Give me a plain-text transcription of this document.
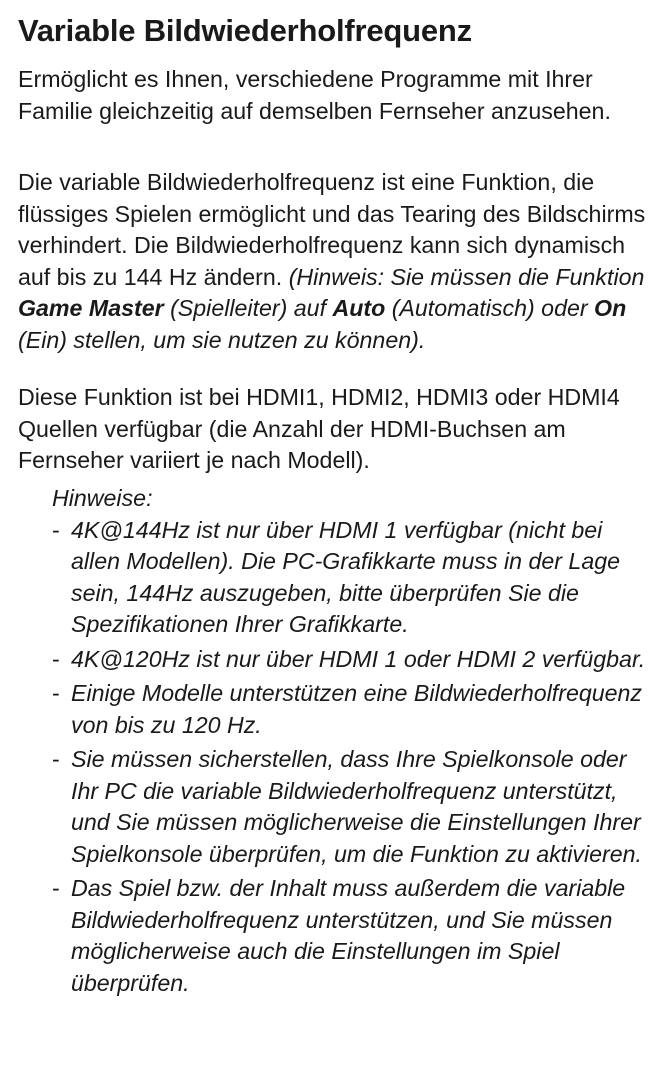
Variable Bildwiederholfrequenz

Ermöglicht es Ihnen, verschiedene Programme mit Ihrer Familie gleichzeitig auf demselben Fernseher anzusehen.

Die variable Bildwiederholfrequenz ist eine Funktion, die flüssiges Spielen ermöglicht und das Tearing des Bildschirms verhindert. Die Bildwiederholfrequenz kann sich dynamisch auf bis zu 144 Hz ändern. (Hinweis: Sie müssen die Funktion Game Master (Spielleiter) auf Auto (Automatisch) oder On (Ein) stellen, um sie nutzen zu können).

Diese Funktion ist bei HDMI1, HDMI2, HDMI3 oder HDMI4 Quellen verfügbar (die Anzahl der HDMI-Buchsen am Fernseher variiert je nach Modell).

Hinweise:
- 4K@144Hz ist nur über HDMI 1 verfügbar (nicht bei allen Modellen). Die PC-Grafikkarte muss in der Lage sein, 144Hz auszugeben, bitte überprüfen Sie die Spezifikationen Ihrer Grafikkarte.
- 4K@120Hz ist nur über HDMI 1 oder HDMI 2 verfügbar.
- Einige Modelle unterstützen eine Bildwiederholfrequenz von bis zu 120 Hz.
- Sie müssen sicherstellen, dass Ihre Spielkonsole oder Ihr PC die variable Bildwiederholfrequenz unterstützt, und Sie müssen möglicherweise die Einstellungen Ihrer Spielkonsole überprüfen, um die Funktion zu aktivieren.
- Das Spiel bzw. der Inhalt muss außerdem die variable Bildwiederholfrequenz unterstützen, und Sie müssen möglicherweise auch die Einstellungen im Spiel überprüfen.
